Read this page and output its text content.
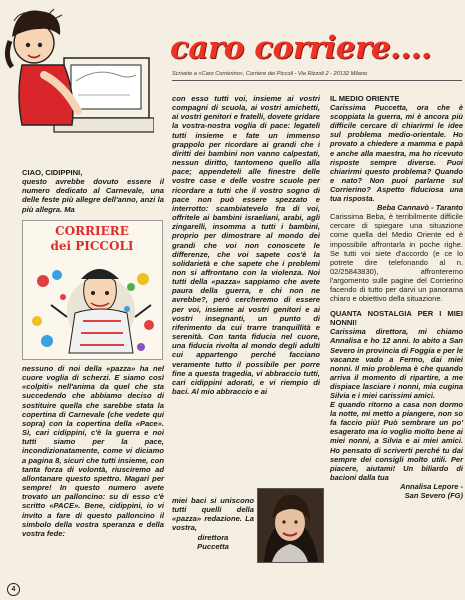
caro corriere....
Scrivete a «Caro Corrierino», Corriere dei Piccoli - Via Rizzoli 2 - 20132 Milano
CIAO, CIDIPPINI,
questo avrebbe dovuto essere il numero dedicato al Carnevale, una delle feste più allegre dell'anno, anzi la più allegra. Ma
CORRIERE
dei PICCOLI
nessuno di noi della «pazza» ha nel cuore voglia di scherzi. E siamo così «colpiti» nell'anima da quel che sta succedendo che abbiamo deciso di sostituire quella che sarebbe stata la copertina di Carnevale (che vedete qui sopra) con la copertina della «Pace». Sì, cari cidippini, c'è la guerra e noi tutti siamo per la pace, incondizionatamente, come vi diciamo a pagina 8, sicuri che tutti insieme, con tanta forza di volontà, riusciremo ad allontanare questo spettro. Magari per sempre! In questo numero avete trovato un palloncino: su di esso c'è scritto «PACE». Bene, cidippini, io vi invito a fare di questo palloncino il simbolo della vostra speranza e della vostra fede:
con esso tutti voi, insieme ai vostri compagni di scuola, ai vostri amichetti, ai vostri genitori e fratelli, dovete gridare la vostra-nostra voglia di pace: legatelì tutti insieme e fate un immenso grappolo per ricordare ai grandi che i diritti dei bambini non vanno calpestati, nessun diritto, tantomeno quello alla pace; appendeteli alle finestre delle vostre case e delle vostre scuole per ricordare a tutti che il vostro sogno di pace non può essere spezzato e interrotto: scambiatevelo fra di voi, offritele ai bambini israeliani, arabi, agli zingarelli, insomma a tutti i bambini, proprio per dimostrare al mondo dei grandi che voi non conoscete le differenze, che voi sapete cos'è la solidarietà e che sapete che i problemi non si affrontano con la violenza. Noi tutti della «pazza» sappiamo che avete paura della guerra, e chi non ne avrebbe?, però cercheremo di essere per voi, insieme ai vostri genitori e ai vostri insegnanti, un punto di riferimento da cui trarre tranquillità e serenità. Con tanta fiducia nel cuore, una fiducia rivolta al mondo degli adulti cui appartengo perché facciano veramente tutto il possibile per porre fine a questa tragedia, vi abbraccio tutti, cari cidippini adorati, e vi riempio di baci. Al mio abbraccio e ai
miei baci si uniscono tutti quelli della «pazza» redazione. La vostra,

direttora
Puccetta

IL MEDIO ORIENTE

Carissima Puccetta, ora che è scoppiata la guerra, mi è ancora più difficile cercare di chiarirmi le idee sul problema medio-orientale. Ho provato a chiedere a mamma e papà e anche alla maestra, ma ho ricevuto risposte sempre diverse. Puoi chiarirmi questo problema? Quando e nato? Non puoi parlarne sul Corrierino? Aspetto fiduciosa una tua risposta.

Beba Cannavò - Taranto

Carissima Beba, è terribilmente difficile cercare di spiegare una situazione come quella del Medio Oriente ed è impossibile affrontarla in poche righe. Se tutti voi siete d'accordo (e ce lo potrete dire telefonando al n. 02/25843830), affronteremo l'argomento sulle pagine del Corrierino facendo di tutto per darvi un panorama chiaro e obiettivo della situazione.

QUANTA NOSTALGIA PER I MIEI NONNI!

Carissima direttora, mi chiamo Annalisa e ho 12 anni. Io abito a San Severo in provincia di Foggia e per le vacanze vado a Fermo, dai miei nonni. Il mio problema è che quando arriva il momento di ripartire, a me dispiace lasciare i nonni, mia cugina Silvia e i miei carissimi amici.
E quando ritorno a casa non dormo la notte, mi metto a piangere, non so fa faccio più! Può sembrare un po' esagerato ma io voglio molto bene ai miei nonni, a Silvia e ai miei amici. Ho pensato di scriverti perché tu dai sempre dei consigli molto utili. Per piacere, aiutami! Un biliardo di bacioni dalla tua

Annalisa Lepore -

San Severo (FG)

4
